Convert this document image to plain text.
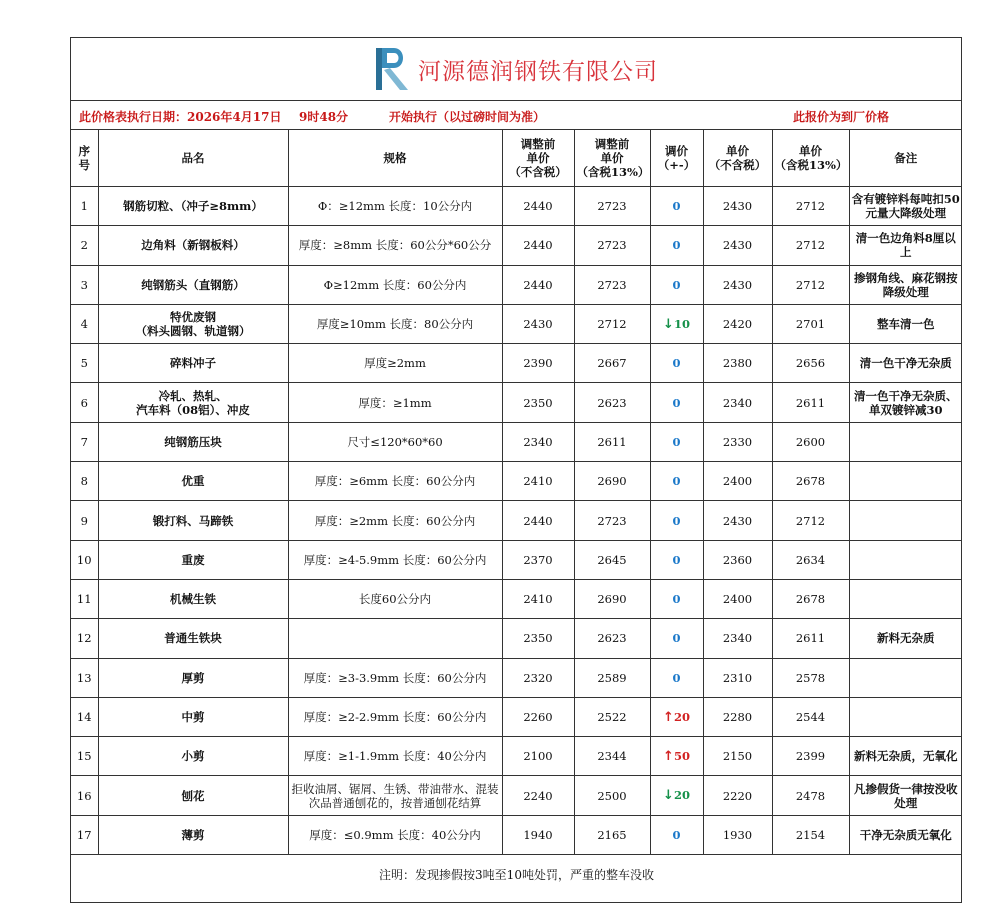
河源德润钢铁有限公司
此价格表执行日期：2026年4月17日 9时48分	开始执行（以过磅时间为准）	此报价为到厂价格
序
号	品名	规格	调整前
单价
（不含税）	调整前
单价
（含税13%）	调价
（+-）	单价
（不含税）	单价
（含税13%）	备注
1	钢筋切粒、（冲子≥8mm）	Φ：≥12mm 长度：10公分内	2440	2723	0	2430	2712	含有镀锌料每吨扣50元量大降级处理
2	边角料（新钢板料）	厚度：≥8mm 长度：60公分*60公分	2440	2723	0	2430	2712	清一色边角料8厘以上
3	纯钢筋头（直钢筋）	Φ≥12mm 长度：60公分内	2440	2723	0	2430	2712	掺钢角线、麻花钢按降级处理
4	特优废钢
（料头圆钢、轨道钢）	厚度≥10mm 长度：80公分内	2430	2712	↓10	2420	2701	整车清一色
5	碎料冲子	厚度≥2mm	2390	2667	0	2380	2656	清一色干净无杂质
6	冷轧、热轧、
汽车料（08铝）、冲皮	厚度：≥1mm	2350	2623	0	2340	2611	清一色干净无杂质、单双镀锌减30
7	纯钢筋压块	尺寸≤120*60*60	2340	2611	0	2330	2600	
8	优重	厚度：≥6mm 长度：60公分内	2410	2690	0	2400	2678	
9	锻打料、马蹄铁	厚度：≥2mm 长度：60公分内	2440	2723	0	2430	2712	
10	重废	厚度：≥4-5.9mm 长度：60公分内	2370	2645	0	2360	2634	
11	机械生铁	长度60公分内	2410	2690	0	2400	2678	
12	普通生铁块		2350	2623	0	2340	2611	新料无杂质
13	厚剪	厚度：≥3-3.9mm 长度：60公分内	2320	2589	0	2310	2578	
14	中剪	厚度：≥2-2.9mm 长度：60公分内	2260	2522	↑20	2280	2544	
15	小剪	厚度：≥1-1.9mm 长度：40公分内	2100	2344	↑50	2150	2399	新料无杂质，无氧化
16	刨花	拒收油屑、锯屑、生锈、带油带水、混装次品普通刨花的，按普通刨花结算	2240	2500	↓20	2220	2478	凡掺假货一律按没收处理
17	薄剪	厚度：≤0.9mm 长度：40公分内	1940	2165	0	1930	2154	干净无杂质无氧化
注明：发现掺假按3吨至10吨处罚，严重的整车没收								
